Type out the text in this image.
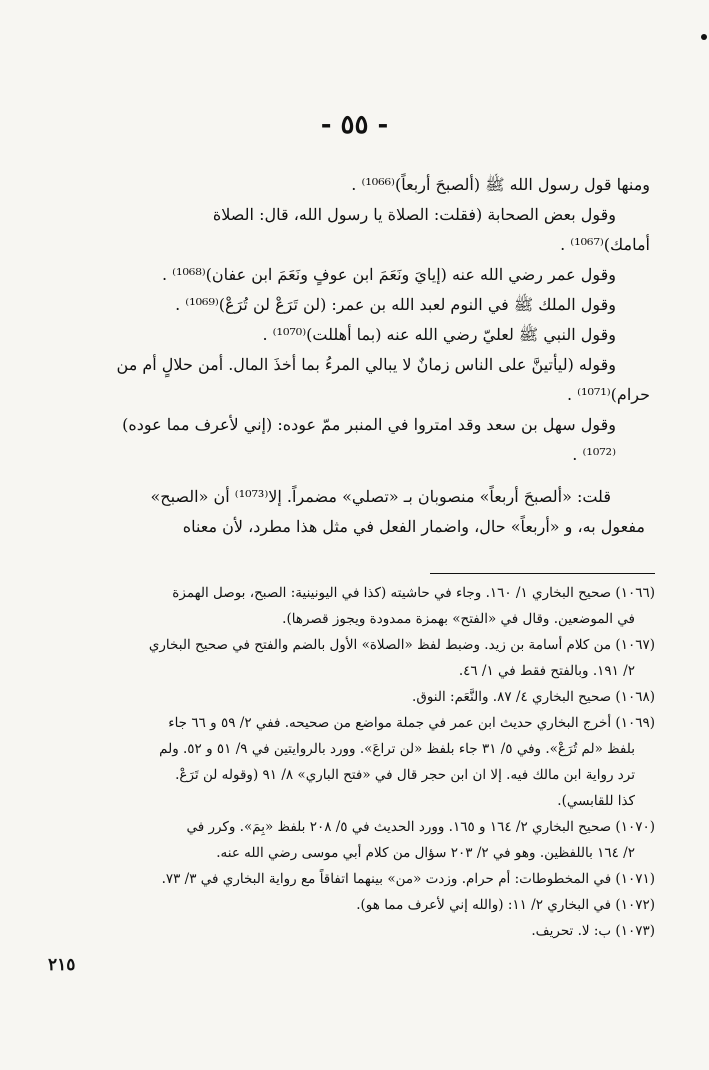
- ٥٥ -

ومنها قول رسول الله ﷺ (ألصبحَ أربعاً)⁽¹⁰⁶⁶⁾ .

وقول بعض الصحابة (فقلت: الصلاة يا رسول الله، قال: الصلاة

أمامك)⁽¹⁰⁶⁷⁾ .

وقول عمر رضي الله عنه (إيايَ ونَعَمَ ابن عوفٍ ونَعَمَ ابن عفان)⁽¹⁰⁶⁸⁾ .

وقول الملك ﷺ في النوم لعبد الله بن عمر: (لن تَرَعْ لن تُرَعْ)⁽¹⁰⁶⁹⁾ .

وقول النبي ﷺ لعليّ رضي الله عنه (بما أهللت)⁽¹⁰⁷⁰⁾ .

وقوله (ليأتينَّ على الناس زمانٌ لا يبالي المرءُ بما أخذَ المال. أمن حلالٍ أم من

حرام)⁽¹⁰⁷¹⁾ .

وقول سهل بن سعد وقد امتروا في المنبر ممّ عوده: (إني لأعرف مما عوده)⁽¹⁰⁷²⁾ .

قلت: «ألصبحَ أربعاً» منصوبان بـ «تصلي» مضمراً. إلا⁽¹⁰⁷³⁾ أن «الصبح»

مفعول به، و «أربعاً» حال، واضمار الفعل في مثل هذا مطرد، لأن معناه

(١٠٦٦) صحيح البخاري ١/ ١٦٠. وجاء في حاشيته (كذا في اليونينية: الصبح، بوصل الهمزة

في الموضعين. وقال في «الفتح» بهمزة ممدودة ويجوز قصرها).

(١٠٦٧) من كلام أسامة بن زيد. وضبط لفظ «الصلاة» الأول بالضم والفتح في صحيح البخاري

٢/ ١٩١. وبالفتح فقط في ١/ ٤٦.

(١٠٦٨) صحيح البخاري ٤/ ٨٧. والنَّعَم: النوق.

(١٠٦٩) أخرج البخاري حديث ابن عمر في جملة مواضع من صحيحه. ففي ٢/ ٥٩ و ٦٦ جاء

بلفظ «لم تُرَعْ». وفي ٥/ ٣١ جاء بلفظ «لن تراعَ». وورد بالروايتين في ٩/ ٥١ و ٥٢. ولم

ترد رواية ابن مالك فيه. إلا ان ابن حجر قال في «فتح الباري» ٨/ ٩١ (وقوله لن تَرَعْ.

كذا للقابسي).

(١٠٧٠) صحيح البخاري ٢/ ١٦٤ و ١٦٥. وورد الحديث في ٥/ ٢٠٨ بلفظ «بِمَ». وكرر في

٢/ ١٦٤ باللفظين. وهو في ٢/ ٢٠٣ سؤال من كلام أبي موسى رضي الله عنه.

(١٠٧١) في المخطوطات: أم حرام. وزدت «من» بينهما اتفاقاً مع رواية البخاري في ٣/ ٧٣.

(١٠٧٢) في البخاري ٢/ ١١: (والله إني لأعرف مما هو).

(١٠٧٣) ب: لا. تحريف.

٢١٥
